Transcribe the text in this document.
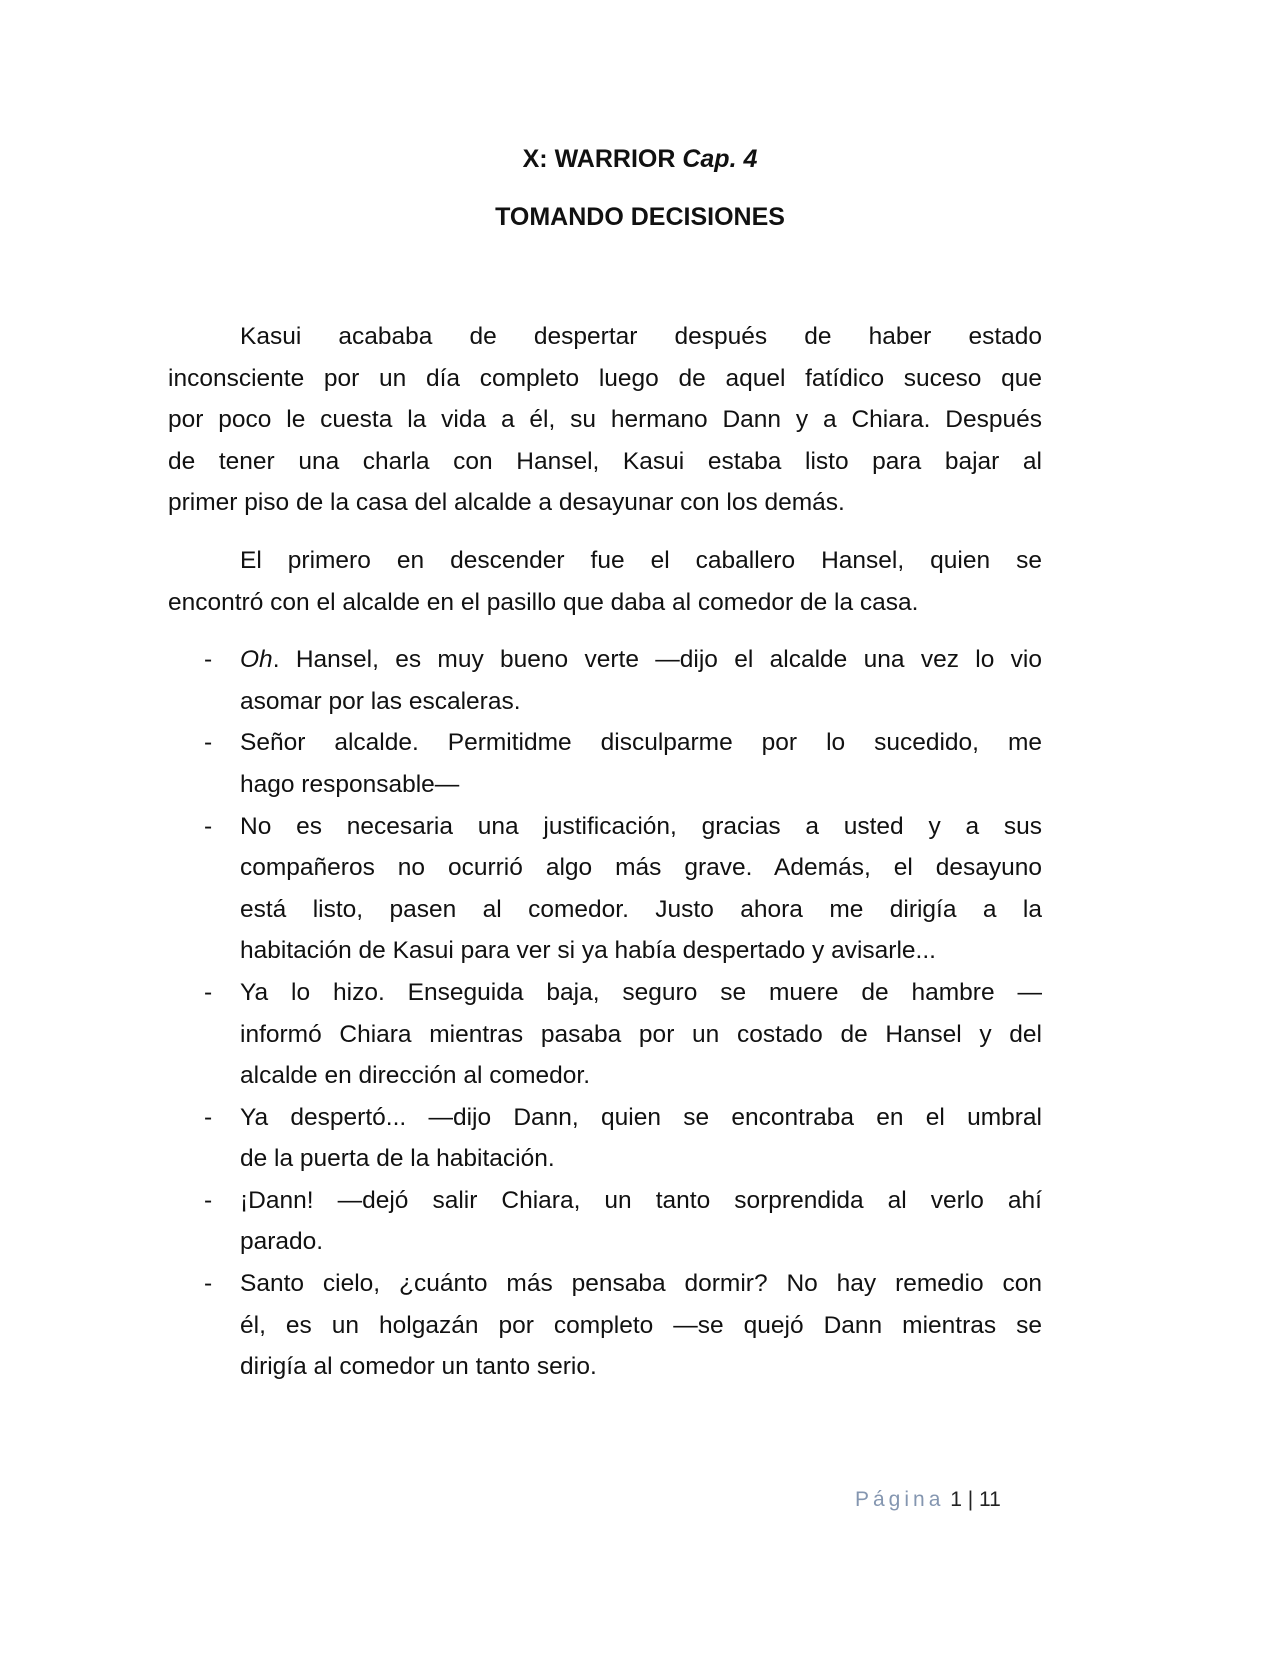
X: WARRIOR Cap. 4
TOMANDO DECISIONES
Kasui acababa de despertar después de haber estado
inconsciente por un día completo luego de aquel fatídico suceso que
por poco le cuesta la vida a él, su hermano Dann y a Chiara. Después
de tener una charla con Hansel, Kasui estaba listo para bajar al
primer piso de la casa del alcalde a desayunar con los demás.
El primero en descender fue el caballero Hansel, quien se
encontró con el alcalde en el pasillo que daba al comedor de la casa.
- Oh. Hansel, es muy bueno verte —dijo el alcalde una vez lo vio
asomar por las escaleras.
- Señor alcalde. Permitidme disculparme por lo sucedido, me
hago responsable—
- No es necesaria una justificación, gracias a usted y a sus
compañeros no ocurrió algo más grave. Además, el desayuno
está listo, pasen al comedor. Justo ahora me dirigía a la
habitación de Kasui para ver si ya había despertado y avisarle...
- Ya lo hizo. Enseguida baja, seguro se muere de hambre —
informó Chiara mientras pasaba por un costado de Hansel y del
alcalde en dirección al comedor.
- Ya despertó... —dijo Dann, quien se encontraba en el umbral
de la puerta de la habitación.
- ¡Dann! —dejó salir Chiara, un tanto sorprendida al verlo ahí
parado.
- Santo cielo, ¿cuánto más pensaba dormir? No hay remedio con
él, es un holgazán por completo —se quejó Dann mientras se
dirigía al comedor un tanto serio.
Página 1 | 11
